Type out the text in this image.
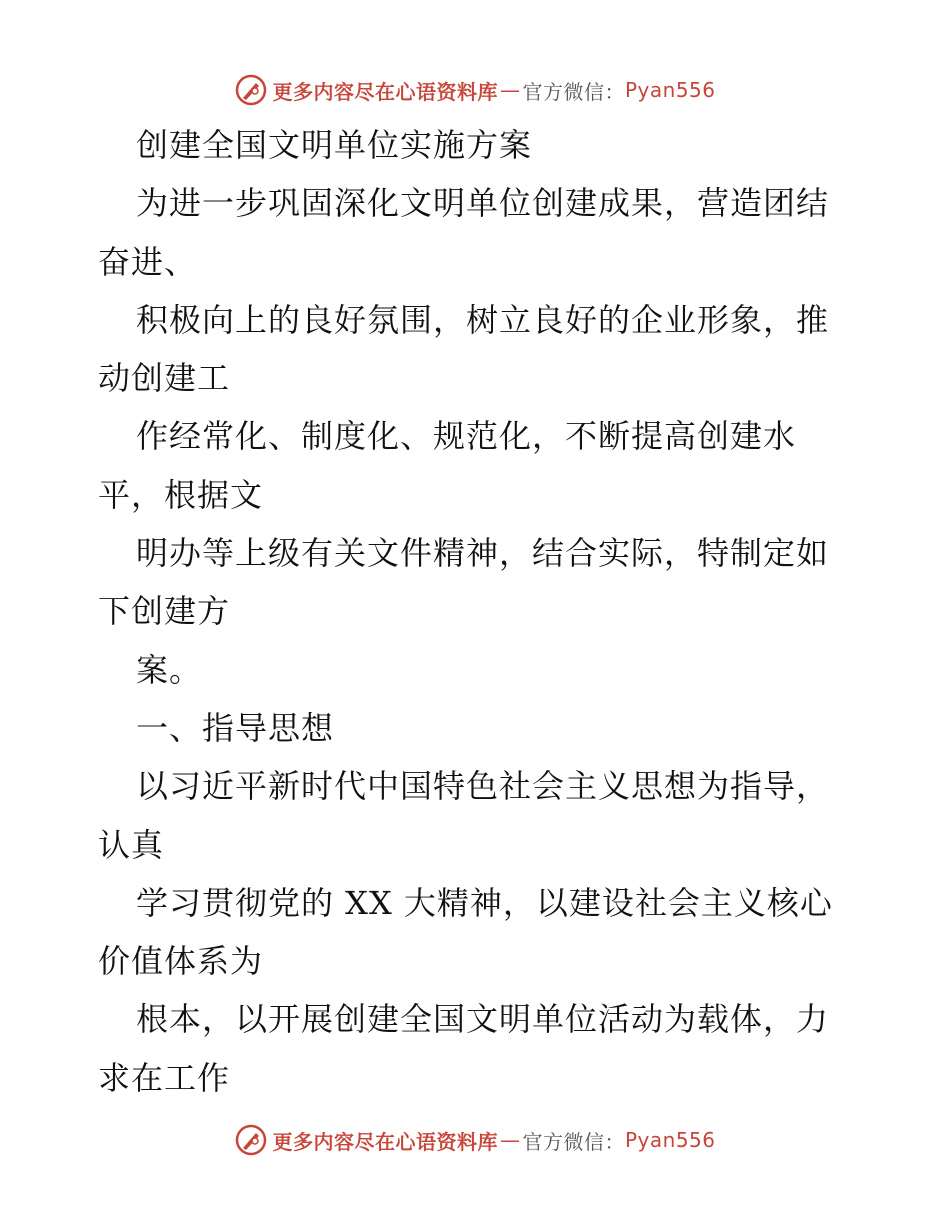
更多内容尽在心语资料库 — 官方微信： Pyan556
创建全国文明单位实施方案
为进一步巩固深化文明单位创建成果，营造团结
奋进、
积极向上的良好氛围，树立良好的企业形象，推
动创建工
作经常化、制度化、规范化，不断提高创建水
平，根据文
明办等上级有关文件精神，结合实际，特制定如
下创建方
案。
一、指导思想
以习近平新时代中国特色社会主义思想为指导，
认真
学习贯彻党的 XX 大精神，以建设社会主义核心
价值体系为
根本，以开展创建全国文明单位活动为载体，力
求在工作
更多内容尽在心语资料库 — 官方微信： Pyan556
